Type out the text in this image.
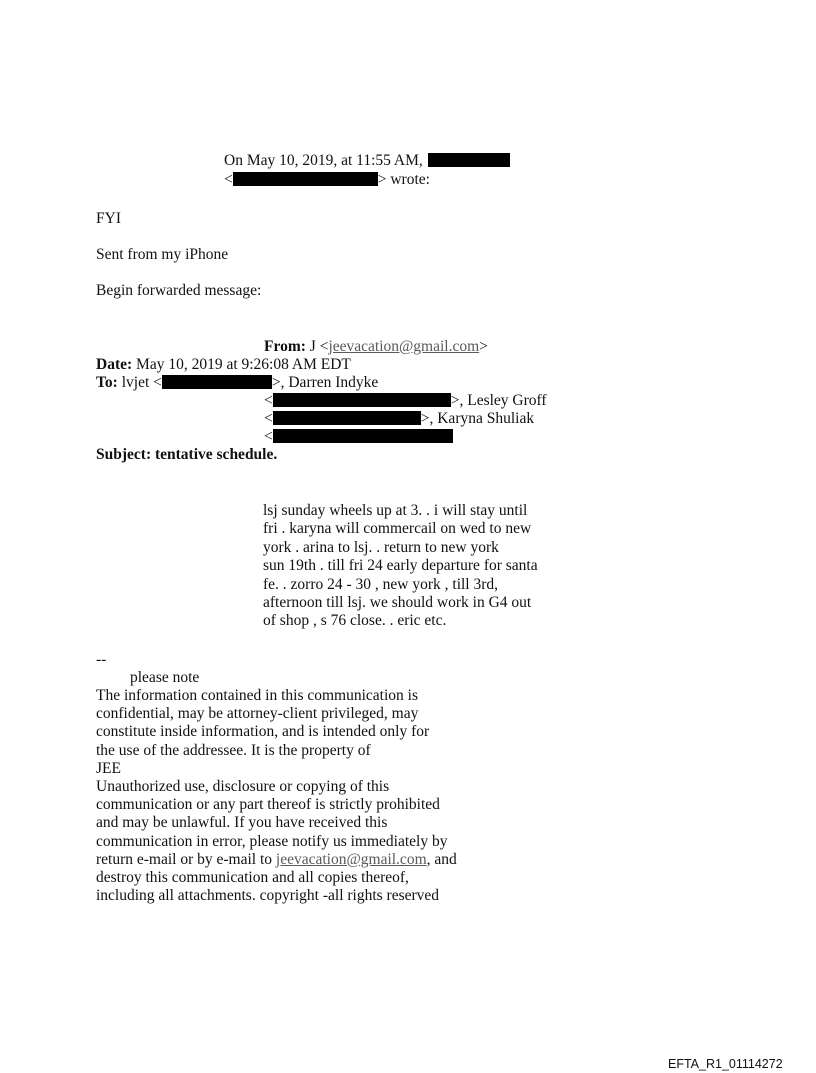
On May 10, 2019, at 11:55 AM,
<	> wrote:
FYI
Sent from my iPhone
Begin forwarded message:
From: J <jeevacation@gmail.com>
Date: May 10, 2019 at 9:26:08 AM EDT
To: lvjet <	>, Darren Indyke
<	>, Lesley Groff
<	>, Karyna Shuliak
<
Subject: tentative schedule.
lsj sunday wheels up at 3. . i will stay until
fri . karyna will commercail on wed to new
york . arina to lsj. . return to new york
sun 19th . till fri 24 early departure for santa
fe. . zorro 24 - 30 , new york , till 3rd,
afternoon till lsj. we should work in G4 out
of shop , s 76 close. . eric etc.
--
please note
The information contained in this communication is
confidential, may be attorney-client privileged, may
constitute inside information, and is intended only for
the use of the addressee. It is the property of
JEE
Unauthorized use, disclosure or copying of this
communication or any part thereof is strictly prohibited
and may be unlawful. If you have received this
communication in error, please notify us immediately by
return e-mail or by e-mail to jeevacation@gmail.com, and
destroy this communication and all copies thereof,
including all attachments. copyright -all rights reserved
EFTA_R1_01114272
